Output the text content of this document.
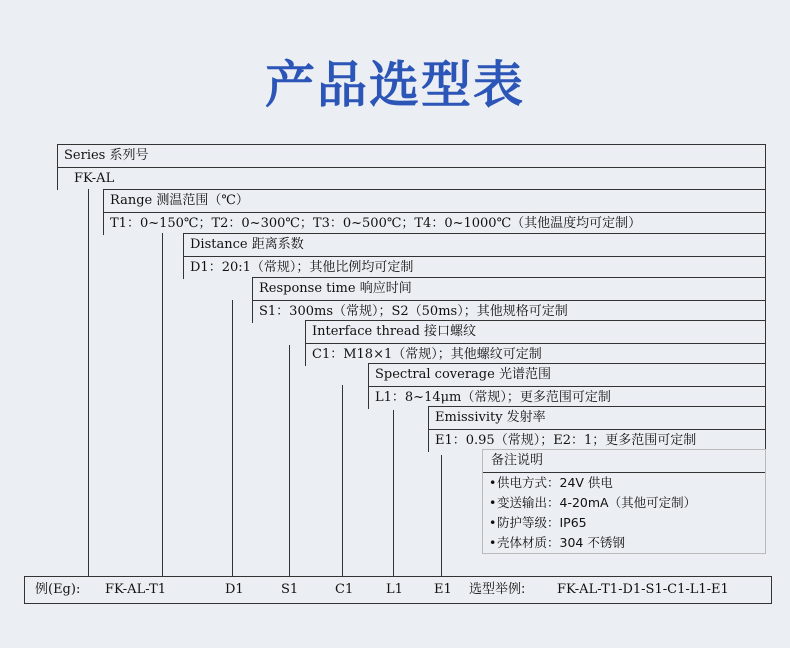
产品选型表
Series 系列号
FK-AL
Range 测温范围（℃）
T1：0~150℃；T2：0~300℃；T3：0~500℃；T4：0~1000℃（其他温度均可定制）
Distance 距离系数
D1：20:1（常规）；其他比例均可定制
Response time 响应时间
S1：300ms（常规）；S2（50ms）；其他规格可定制
Interface thread 接口螺纹
C1：M18×1（常规）；其他螺纹可定制
Spectral coverage 光谱范围
L1：8~14μm（常规）；更多范围可定制
Emissivity 发射率
E1：0.95（常规）；E2：1；更多范围可定制
备注说明
• 供电方式：24V 供电
• 变送输出：4-20mA（其他可定制）
• 防护等级：IP65
• 壳体材质：304 不锈钢
例(Eg): FK-AL-T1	D1	S1	C1	L1 E1 选型举例: FK-AL-T1-D1-S1-C1-L1-E1
